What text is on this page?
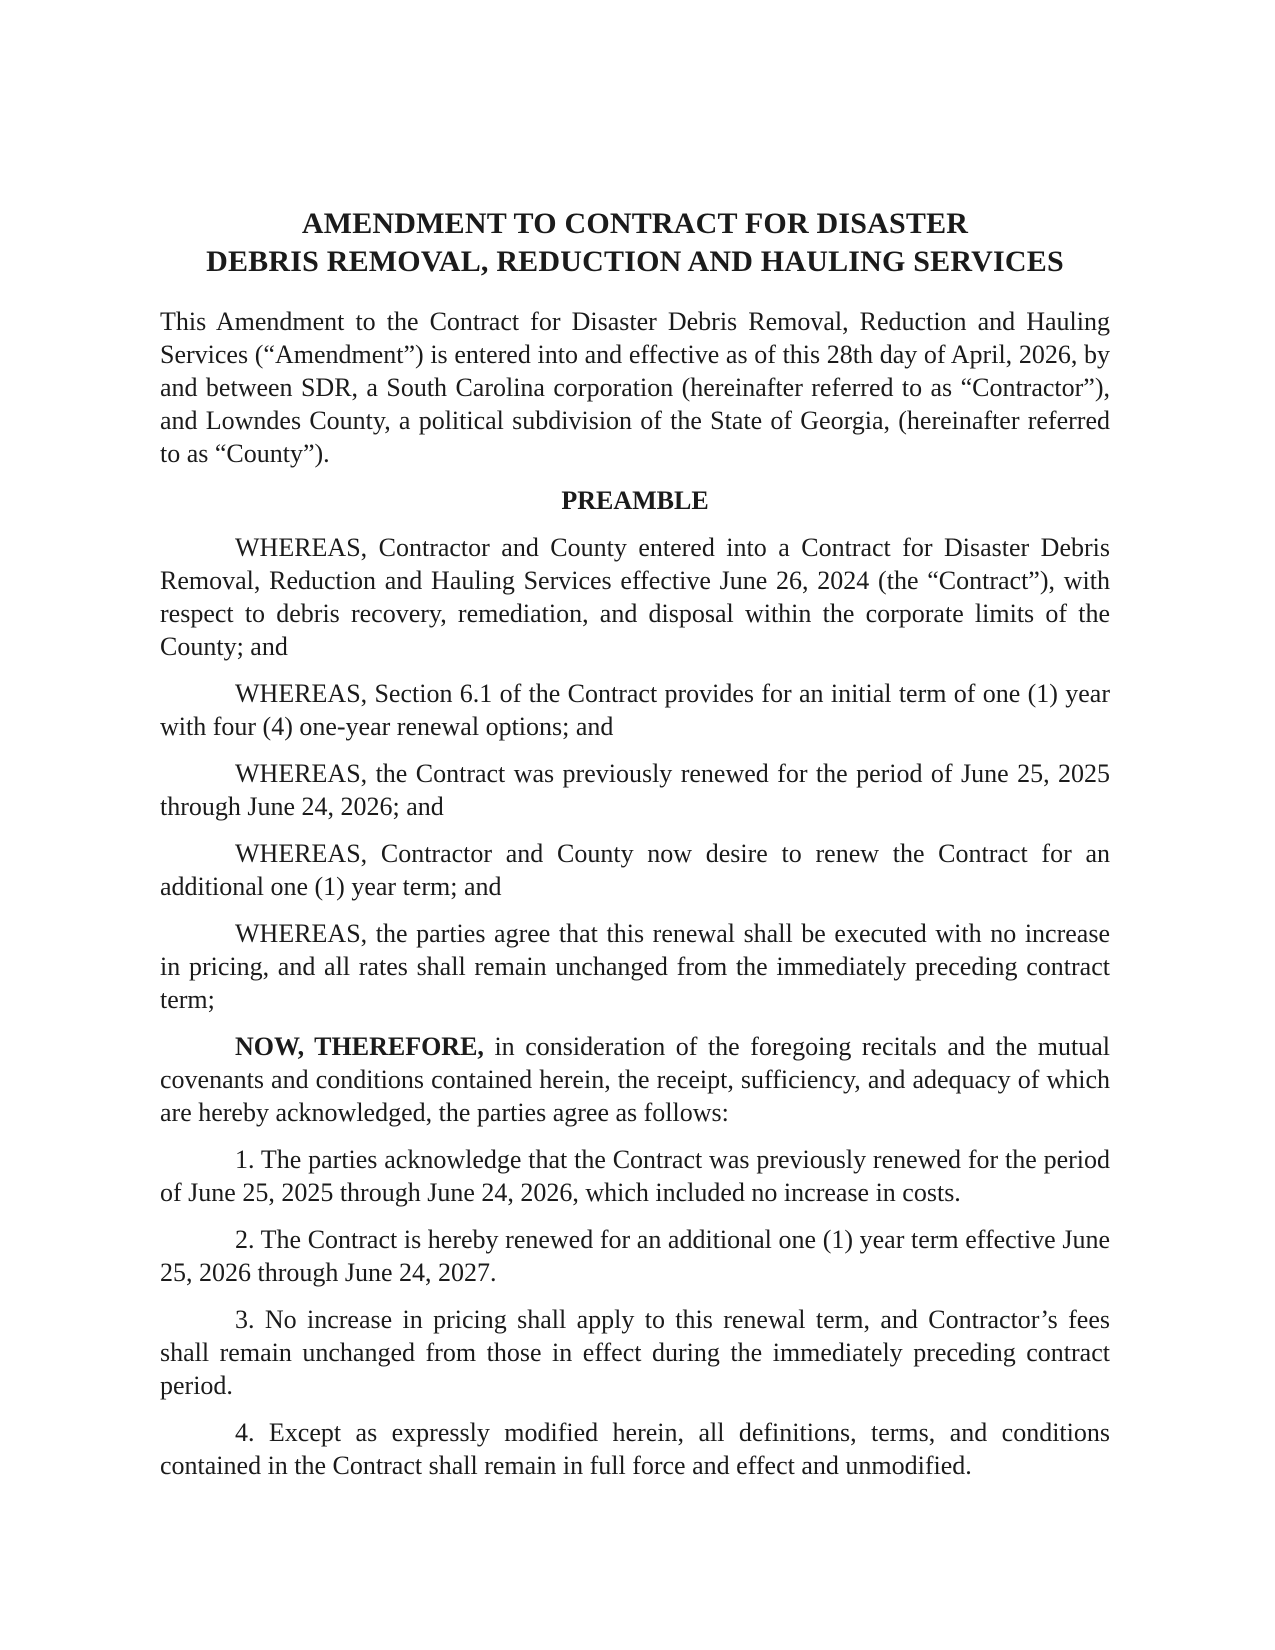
AMENDMENT TO CONTRACT FOR DISASTER
DEBRIS REMOVAL, REDUCTION AND HAULING SERVICES

This Amendment to the Contract for Disaster Debris Removal, Reduction and Hauling Services (“Amendment”) is entered into and effective as of this 28th day of April, 2026, by and between SDR, a South Carolina corporation (hereinafter referred to as “Contractor”), and Lowndes County, a political subdivision of the State of Georgia, (hereinafter referred to as “County”).

PREAMBLE

WHEREAS, Contractor and County entered into a Contract for Disaster Debris Removal, Reduction and Hauling Services effective June 26, 2024 (the “Contract”), with respect to debris recovery, remediation, and disposal within the corporate limits of the County; and

WHEREAS, Section 6.1 of the Contract provides for an initial term of one (1) year with four (4) one-year renewal options; and

WHEREAS, the Contract was previously renewed for the period of June 25, 2025 through June 24, 2026; and

WHEREAS, Contractor and County now desire to renew the Contract for an additional one (1) year term; and

WHEREAS, the parties agree that this renewal shall be executed with no increase in pricing, and all rates shall remain unchanged from the immediately preceding contract term;

NOW, THEREFORE, in consideration of the foregoing recitals and the mutual covenants and conditions contained herein, the receipt, sufficiency, and adequacy of which are hereby acknowledged, the parties agree as follows:

1. The parties acknowledge that the Contract was previously renewed for the period of June 25, 2025 through June 24, 2026, which included no increase in costs.

2. The Contract is hereby renewed for an additional one (1) year term effective June 25, 2026 through June 24, 2027.

3. No increase in pricing shall apply to this renewal term, and Contractor’s fees shall remain unchanged from those in effect during the immediately preceding contract period.

4. Except as expressly modified herein, all definitions, terms, and conditions contained in the Contract shall remain in full force and effect and unmodified.
